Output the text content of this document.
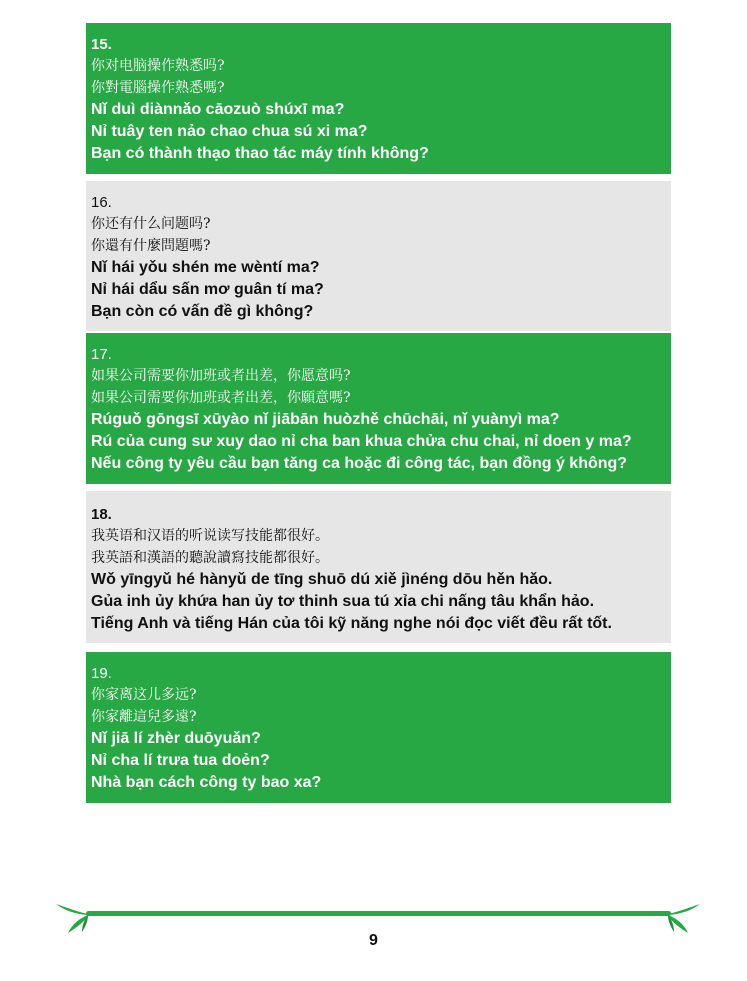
15.
你对电脑操作熟悉吗?
你對電腦操作熟悉嗎?
Nǐ duì diànnǎo cāozuò shúxī ma?
Nỉ tuây ten nảo chao chua sú xi ma?
Bạn có thành thạo thao tác máy tính không?
16.
你还有什么问题吗?
你還有什麼問題嗎?
Nǐ hái yǒu shén me wèntí ma?
Nỉ hái dẩu sấn mơ guân tí ma?
Bạn còn có vấn đề gì không?
17.
如果公司需要你加班或者出差，你愿意吗?
如果公司需要你加班或者出差，你願意嗎?
Rúguǒ gōngsī xūyào nǐ jiābān huòzhě chūchāi, nǐ yuànyì ma?
Rú của cung sư xuy dao nỉ cha ban khua chửa chu chai, nỉ doen y ma?
Nếu công ty yêu cầu bạn tăng ca hoặc đi công tác, bạn đồng ý không?
18.
我英语和汉语的听说读写技能都很好。
我英語和漢語的聽說讀寫技能都很好。
Wǒ yīngyǔ hé hànyǔ de tīng shuō dú xiě jìnéng dōu hěn hǎo.
Gủa inh ủy khứa han ủy tơ thinh sua tú xỉa chi nấng tâu khẩn hảo.
Tiếng Anh và tiếng Hán của tôi kỹ năng nghe nói đọc viết đều rất tốt.
19.
你家离这儿多远?
你家離這兒多遠?
Nǐ jiā lí zhèr duōyuǎn?
Nỉ cha lí trưa tua doẻn?
Nhà bạn cách công ty bao xa?
9
